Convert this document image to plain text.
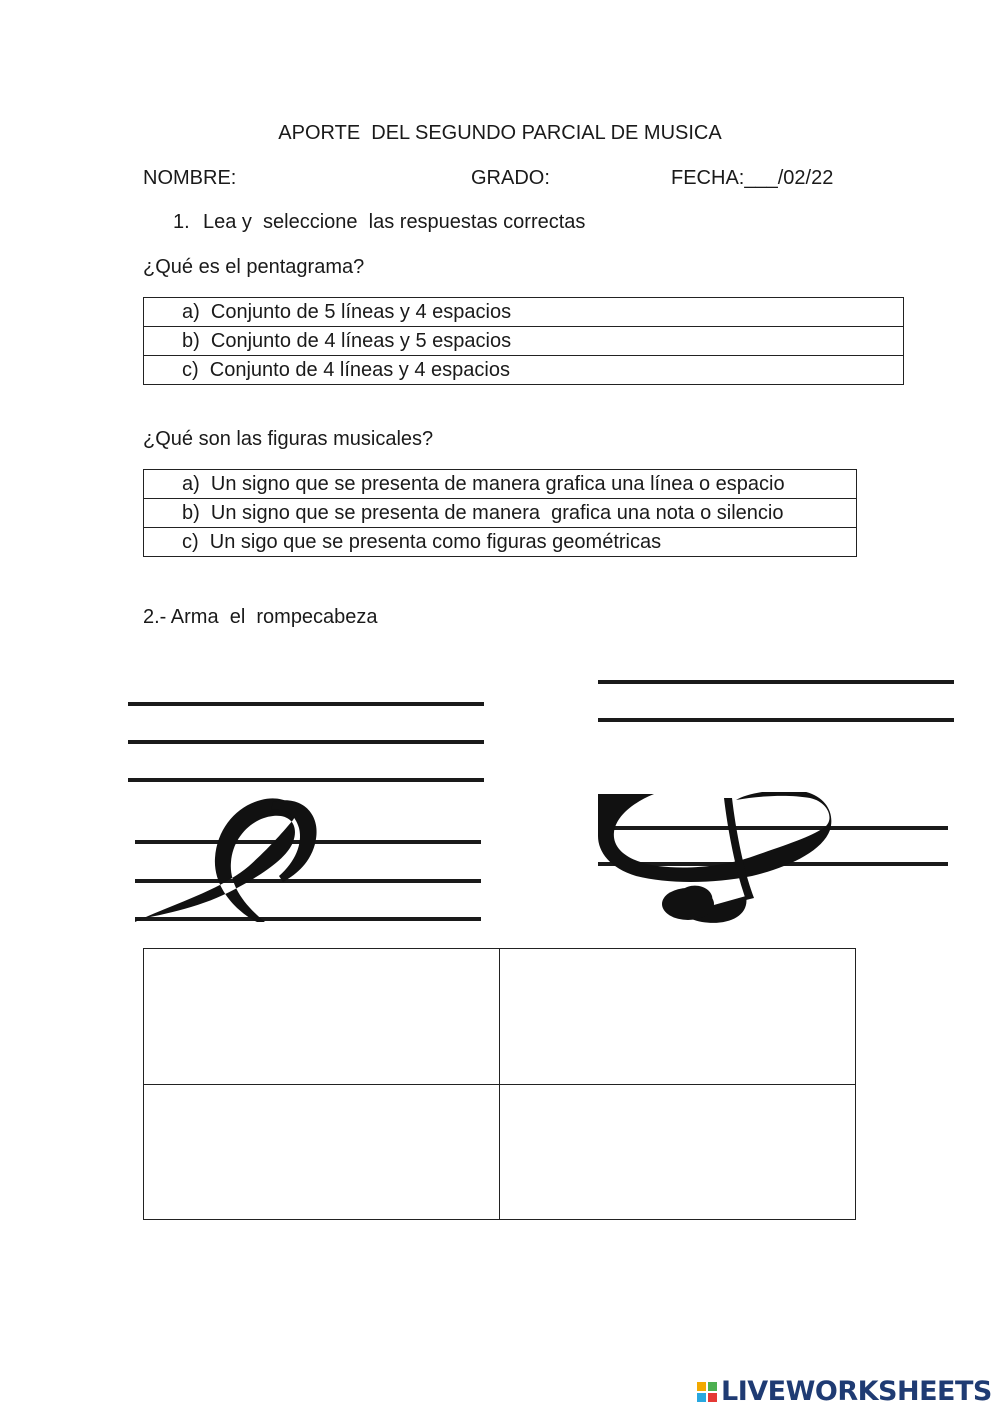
APORTE  DEL SEGUNDO PARCIAL DE MUSICA
NOMBRE:	GRADO:	FECHA:___/02/22
1. Lea y  seleccione  las respuestas correctas
¿Qué es el pentagrama?
a)  Conjunto de 5 líneas y 4 espacios
b)  Conjunto de 4 líneas y 5 espacios
c)  Conjunto de 4 líneas y 4 espacios
¿Qué son las figuras musicales?
a)  Un signo que se presenta de manera grafica una línea o espacio
b)  Un signo que se presenta de manera  grafica una nota o silencio
c)  Un sigo que se presenta como figuras geométricas
2.- Arma  el  rompecabeza
LIVEWORKSHEETS
